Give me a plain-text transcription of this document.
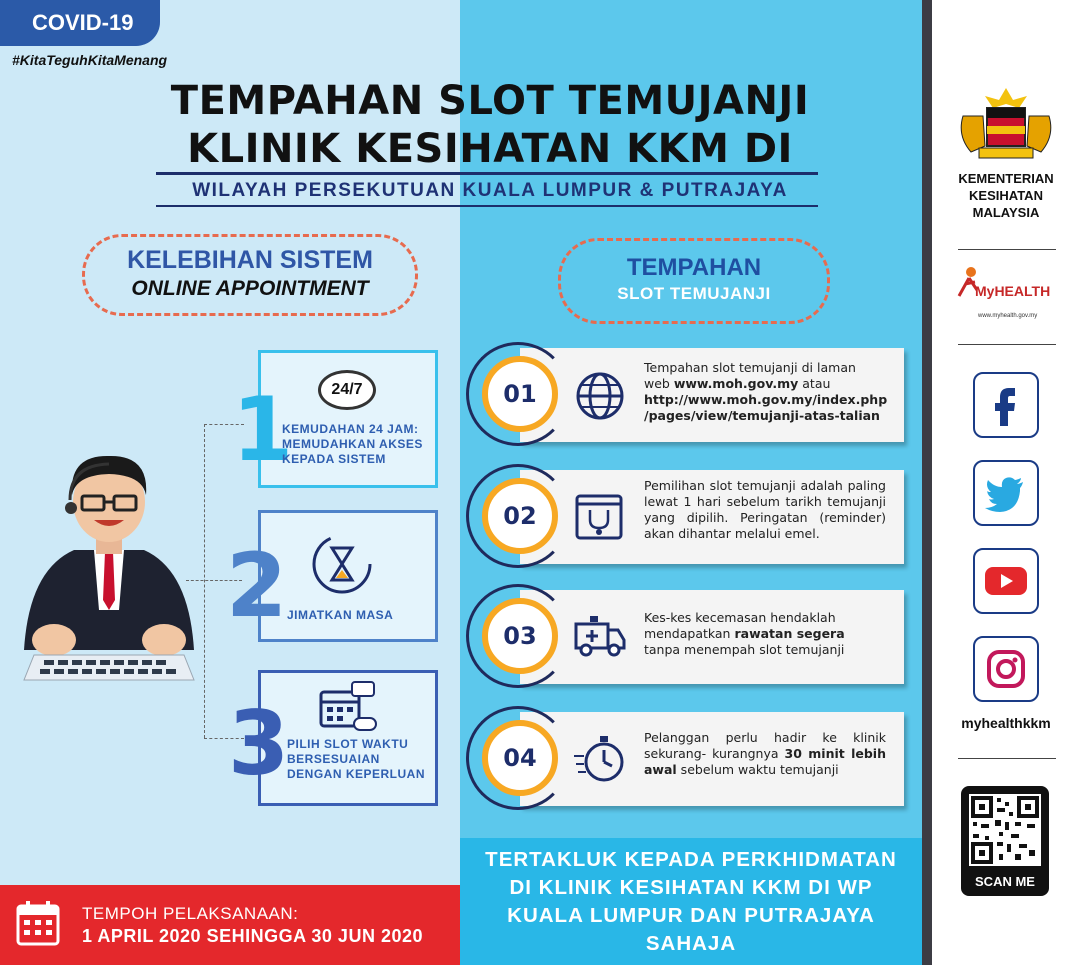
COVID-19
#KitaTeguhKitaMenang
TEMPAHAN SLOT TEMUJANJI
KLINIK KESIHATAN KKM DI
WILAYAH PERSEKUTUAN KUALA LUMPUR & PUTRAJAYA
KELEBIHAN SISTEM
ONLINE APPOINTMENT
TEMPAHAN
SLOT TEMUJANJI
1
2
3
24/7
KEMUDAHAN 24 JAM: MEMUDAHKAN AKSES KEPADA SISTEM
JIMATKAN MASA
PILIH SLOT WAKTU BERSESUAIAN DENGAN KEPERLUAN
01
Tempahan slot temujanji di laman
web www.moh.gov.my atau
http://www.moh.gov.my/index.php
/pages/view/temujanji-atas-talian
02
Pemilihan slot temujanji adalah paling lewat 1 hari sebelum tarikh temujanji yang dipilih. Peringatan (reminder) akan dihantar melalui emel.
03
Kes-kes kecemasan hendaklah
mendapatkan rawatan segera
tanpa menempah slot temujanji
04
Pelanggan perlu hadir ke klinik sekurang- kurangnya 30 minit lebih awal sebelum waktu temujanji
TEMPOH PELAKSANAAN:
1 APRIL 2020 SEHINGGA 30 JUN 2020
TERTAKLUK KEPADA PERKHIDMATAN
DI KLINIK KESIHATAN KKM DI WP
KUALA LUMPUR DAN PUTRAJAYA
SAHAJA
KEMENTERIAN
KESIHATAN
MALAYSIA
MyHEALTH
www.myhealth.gov.my
myhealthkkm
SCAN ME
